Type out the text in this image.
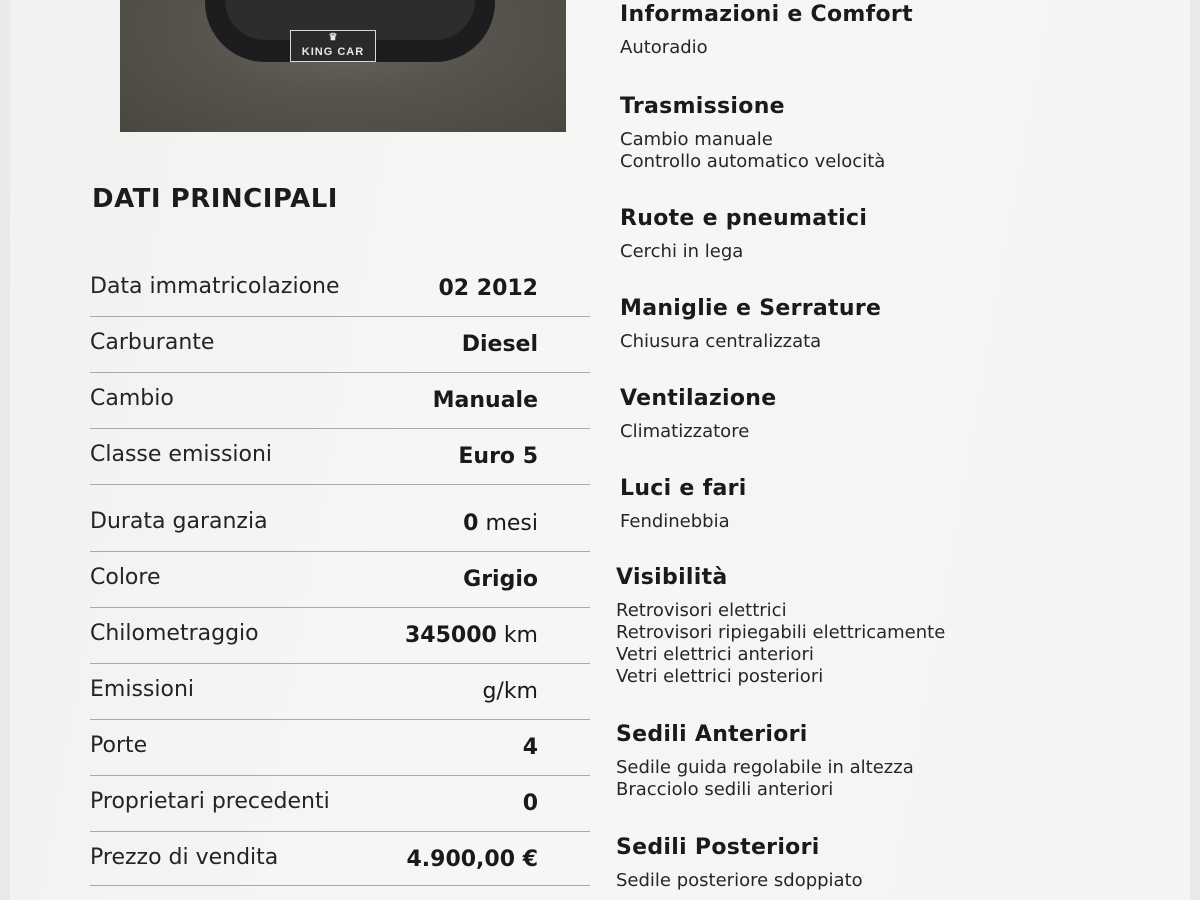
♛
KING CAR
DATI PRINCIPALI
Data immatricolazione	02 2012
Carburante	Diesel
Cambio	Manuale
Classe emissioni	Euro 5
Durata garanzia	0 mesi
Colore	Grigio
Chilometraggio	345000 km
Emissioni	g/km
Porte	4
Proprietari precedenti	0
Prezzo di vendita	4.900,00 €
Informazioni e Comfort
Autoradio
Trasmissione
Cambio manuale
Controllo automatico velocità
Ruote e pneumatici
Cerchi in lega
Maniglie e Serrature
Chiusura centralizzata
Ventilazione
Climatizzatore
Luci e fari
Fendinebbia
Visibilità
Retrovisori elettrici
Retrovisori ripiegabili elettricamente
Vetri elettrici anteriori
Vetri elettrici posteriori
Sedili Anteriori
Sedile guida regolabile in altezza
Bracciolo sedili anteriori
Sedili Posteriori
Sedile posteriore sdoppiato
